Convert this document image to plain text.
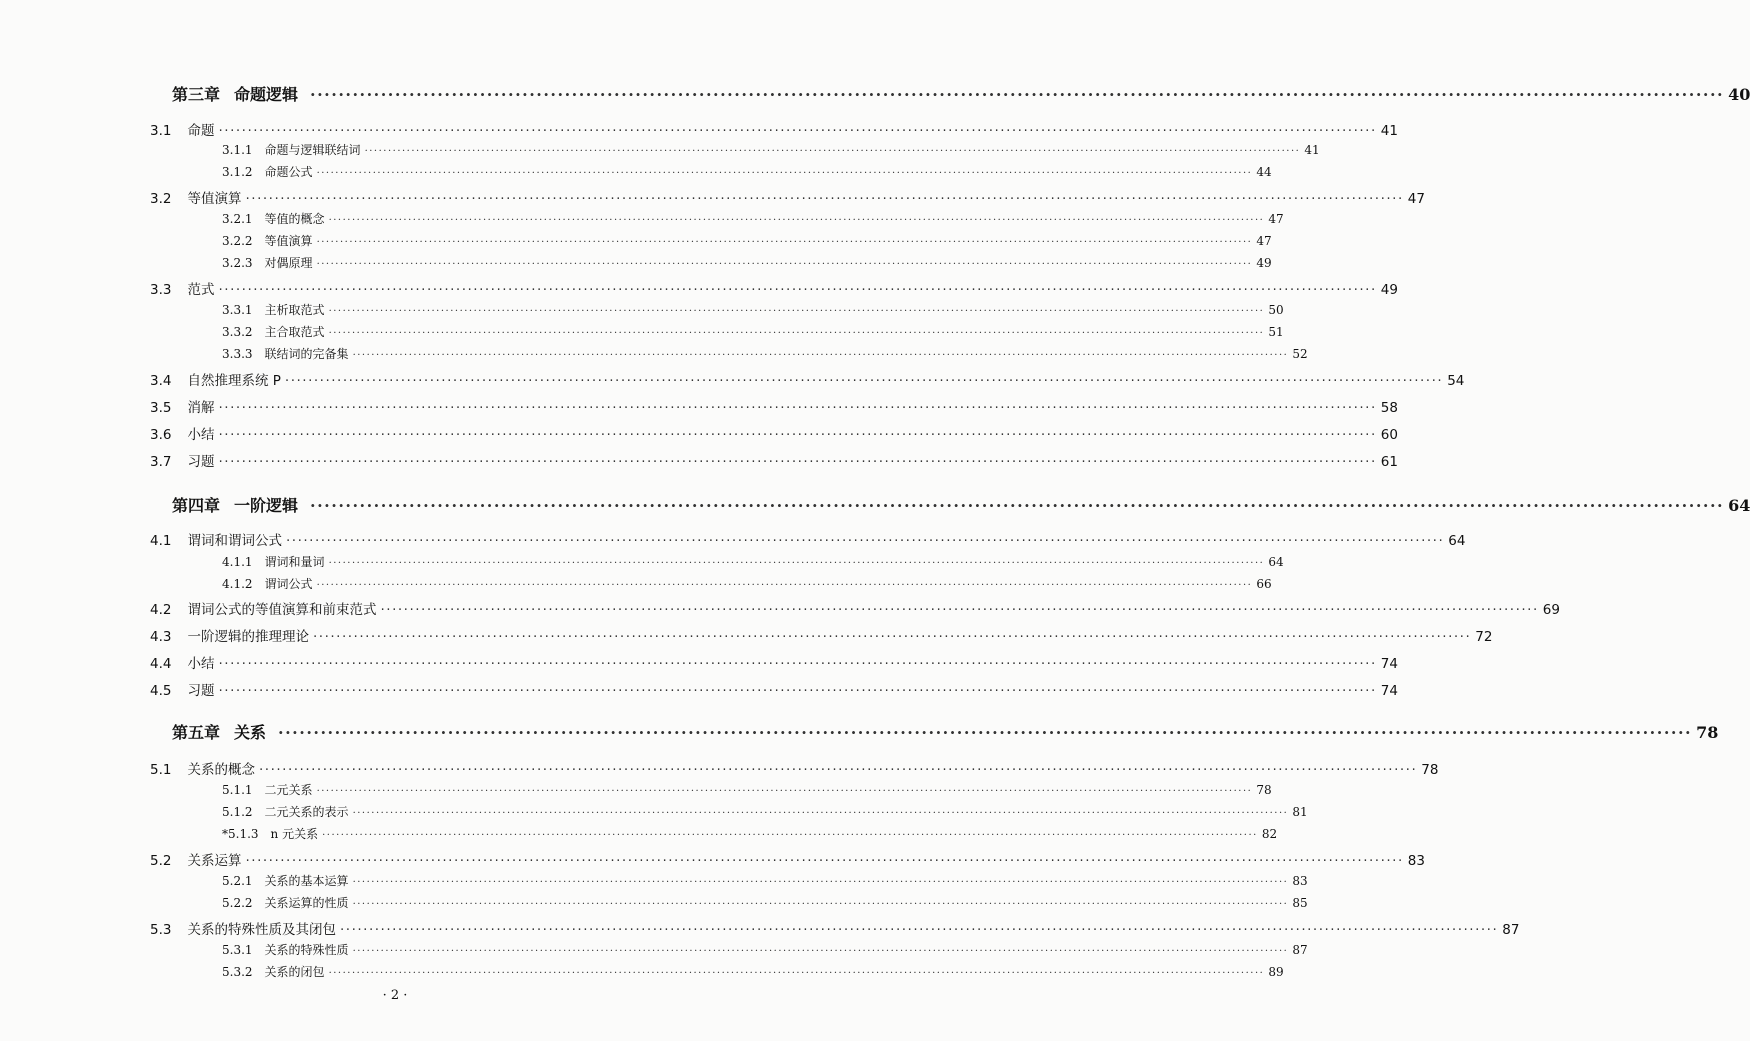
第三章 命题逻辑 ········································································································································································································ 40
3.1 命题 ········································································································································································································ 41
3.1.1 命题与逻辑联结词 ········································································································································································································ 41
3.1.2 命题公式 ········································································································································································································ 44
3.2 等值演算 ········································································································································································································ 47
3.2.1 等值的概念 ········································································································································································································ 47
3.2.2 等值演算 ········································································································································································································ 47
3.2.3 对偶原理 ········································································································································································································ 49
3.3 范式 ········································································································································································································ 49
3.3.1 主析取范式 ········································································································································································································ 50
3.3.2 主合取范式 ········································································································································································································ 51
3.3.3 联结词的完备集 ········································································································································································································ 52
3.4 自然推理系统 P ········································································································································································································ 54
3.5 消解 ········································································································································································································ 58
3.6 小结 ········································································································································································································ 60
3.7 习题 ········································································································································································································ 61
第四章 一阶逻辑 ········································································································································································································ 64
4.1 谓词和谓词公式 ········································································································································································································ 64
4.1.1 谓词和量词 ········································································································································································································ 64
4.1.2 谓词公式 ········································································································································································································ 66
4.2 谓词公式的等值演算和前束范式 ········································································································································································································ 69
4.3 一阶逻辑的推理理论 ········································································································································································································ 72
4.4 小结 ········································································································································································································ 74
4.5 习题 ········································································································································································································ 74
第五章 关系 ········································································································································································································ 78
5.1 关系的概念 ········································································································································································································ 78
5.1.1 二元关系 ········································································································································································································ 78
5.1.2 二元关系的表示 ········································································································································································································ 81
*5.1.3 n 元关系 ········································································································································································································ 82
5.2 关系运算 ········································································································································································································ 83
5.2.1 关系的基本运算 ········································································································································································································ 83
5.2.2 关系运算的性质 ········································································································································································································ 85
5.3 关系的特殊性质及其闭包 ········································································································································································································ 87
5.3.1 关系的特殊性质 ········································································································································································································ 87
5.3.2 关系的闭包 ········································································································································································································ 89
· 2 ·
